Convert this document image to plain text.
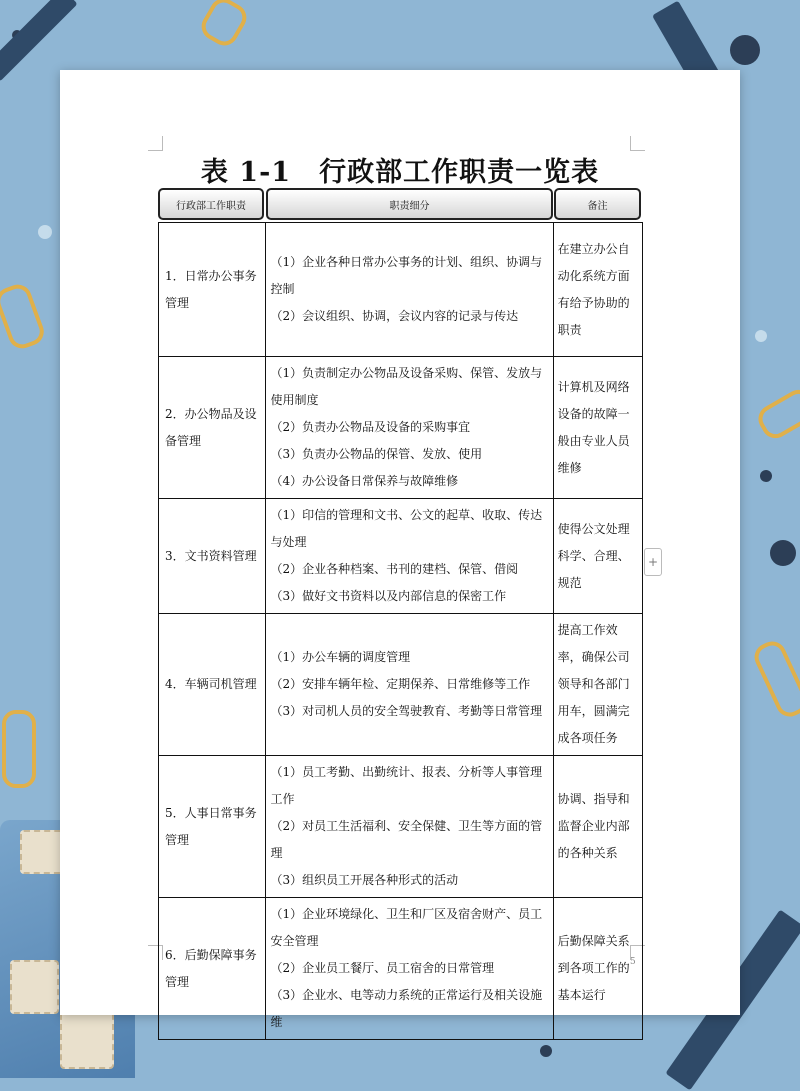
表 1-1　行政部工作职责一览表
行政部工作职责	职责细分	备注
1．日常办公事务管理	（1）企业各种日常办公事务的计划、组织、协调与控制
（2）会议组织、协调，会议内容的记录与传达	在建立办公自动化系统方面有给予协助的职责
2．办公物品及设备管理	（1）负责制定办公物品及设备采购、保管、发放与使用制度
（2）负责办公物品及设备的采购事宜
（3）负责办公物品的保管、发放、使用
（4）办公设备日常保养与故障维修	计算机及网络设备的故障一般由专业人员维修
3．文书资料管理	（1）印信的管理和文书、公文的起草、收取、传达与处理
（2）企业各种档案、书刊的建档、保管、借阅
（3）做好文书资料以及内部信息的保密工作	使得公文处理科学、合理、规范
4．车辆司机管理	（1）办公车辆的调度管理
（2）安排车辆年检、定期保养、日常维修等工作
（3）对司机人员的安全驾驶教育、考勤等日常管理	提高工作效率，确保公司领导和各部门用车，圆满完成各项任务
5．人事日常事务管理	（1）员工考勤、出勤统计、报表、分析等人事管理工作
（2）对员工生活福利、安全保健、卫生等方面的管理
（3）组织员工开展各种形式的活动	协调、指导和监督企业内部的各种关系
6．后勤保障事务管理	（1）企业环境绿化、卫生和厂区及宿舍财产、员工安全管理
（2）企业员工餐厅、员工宿舍的日常管理
（3）企业水、电等动力系统的正常运行及相关设施维	后勤保障关系到各项工作的基本运行
+
5
